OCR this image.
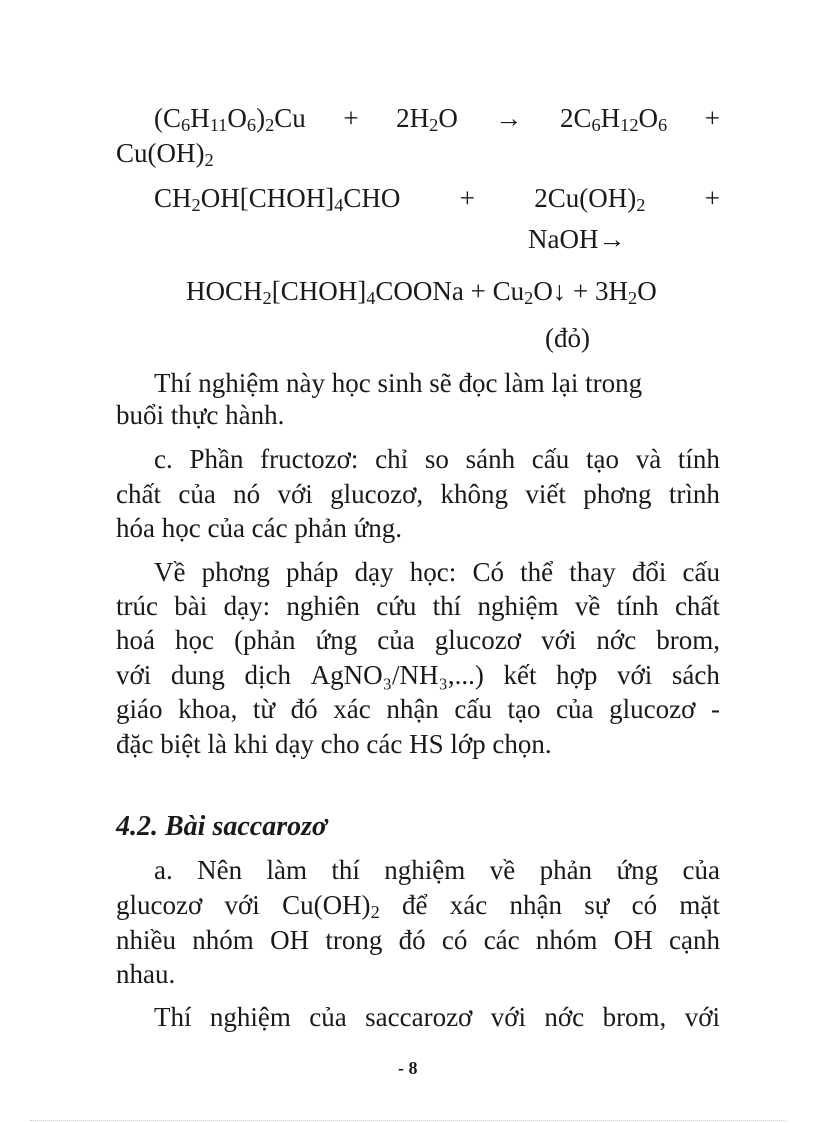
$(C_6H_{11}O_6)_2Cu + 2H_2O \to 2C_6H_{12}O_6$ +
$Cu(OH)_2$
$CH_2OH[CHOH]_4CHO + 2Cu(OH)_2$ +
NaOH→
$HOCH_2[CHOH]_4COONa$ + $Cu_2O↓ + 3H_2O$
(đỏ)
Thí nghiệm này học sinh sẽ đọc làm lại trong
buổi thực hành.
c. Phần fructozơ: chỉ so sánh cấu tạo và tính
chất của nó với glucozơ, không viết phơng trình
hóa học của các phản ứng.
Về phơng pháp dạy học: Có thể thay đổi cấu
trúc bài dạy: nghiên cứu thí nghiệm về tính chất
hoá học (phản ứng của glucozơ với nớc brom,
với dung dịch AgNO₃/NH₃,...) kết hợp với sách
giáo khoa, từ đó xác nhận cấu tạo của glucozơ -
đặc biệt là khi dạy cho các HS lớp chọn.
4.2. Bài saccarozơ
a. Nên làm thí nghiệm về phản ứng của
glucozơ với $Cu(OH)_2$ để xác nhận sự có mặt
nhiều nhóm OH trong đó có các nhóm OH cạnh
nhau.
Thí nghiệm của saccarozơ với nớc brom, với
- 8
